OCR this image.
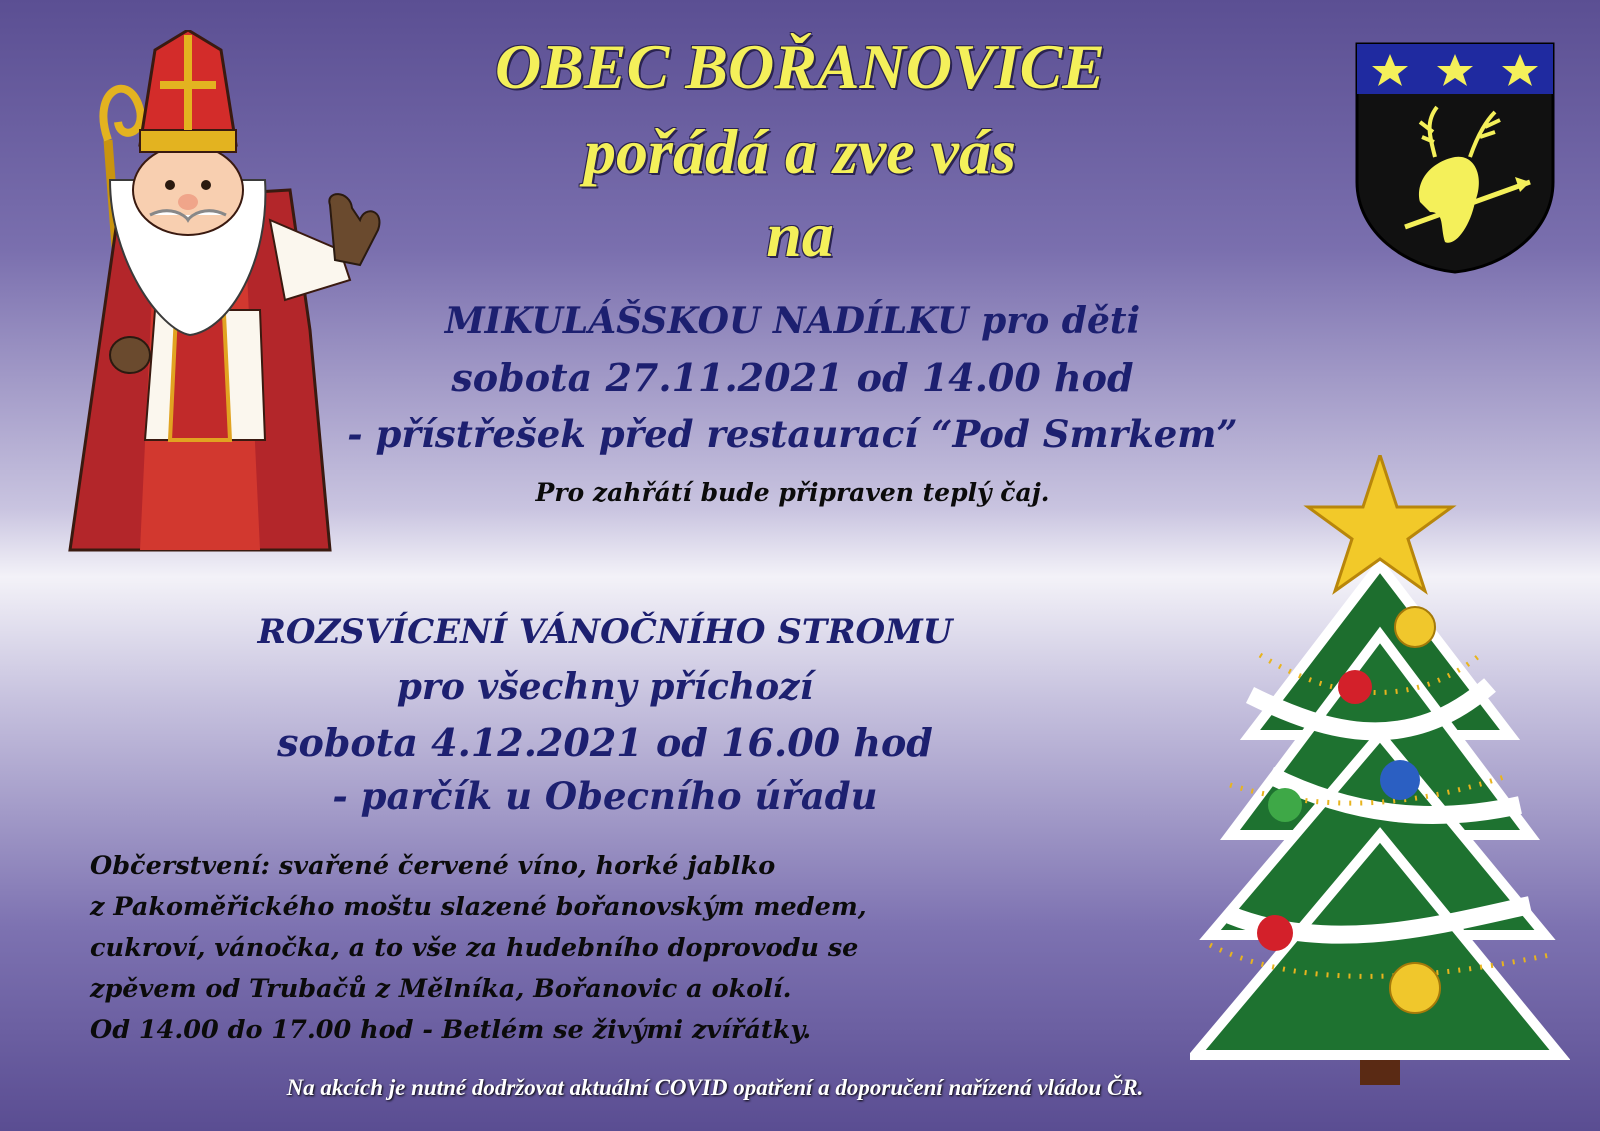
OBEC BOŘANOVICE
pořádá a zve vás
na
MIKULÁŠSKOU NADÍLKU pro děti
sobota 27.11.2021 od 14.00 hod
- přístřešek před restaurací “Pod Smrkem”
Pro zahřátí bude připraven teplý čaj.
ROZSVÍCENÍ VÁNOČNÍHO STROMU
pro všechny příchozí
sobota 4.12.2021 od 16.00 hod
- parčík u Obecního úřadu
Občerstvení: svařené červené víno, horké jablko
z Pakoměřického moštu slazené bořanovským medem,
cukroví, vánočka, a to vše za hudebního doprovodu se
zpěvem od Trubačů z Mělníka, Bořanovic a okolí.
Od 14.00 do 17.00 hod - Betlém se živými zvířátky.
Na akcích je nutné dodržovat aktuální COVID opatření a doporučení nařízená vládou ČR.
